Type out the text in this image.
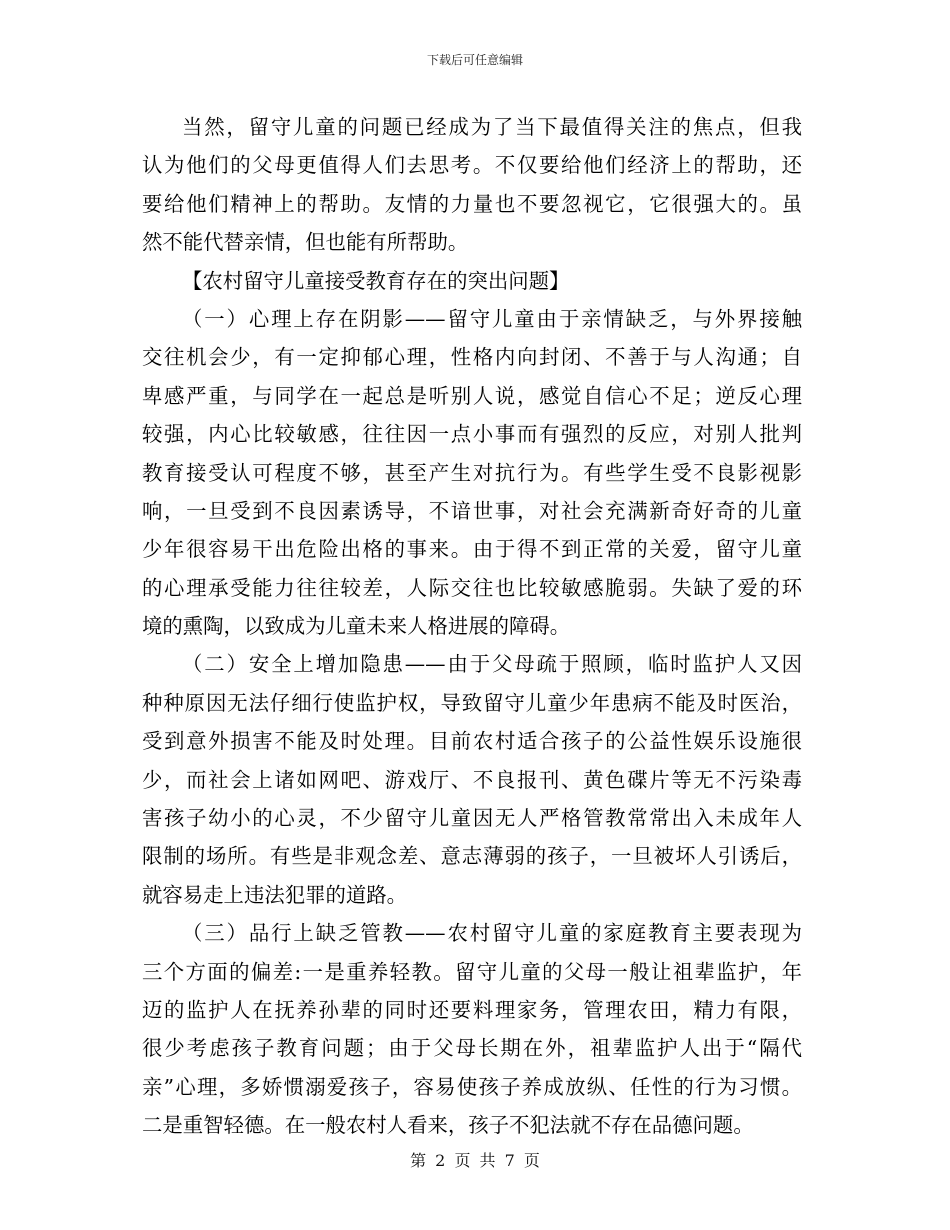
下载后可任意编辑
当然，留守儿童的问题已经成为了当下最值得关注的焦点，但我
认为他们的父母更值得人们去思考。不仅要给他们经济上的帮助，还
要给他们精神上的帮助。友情的力量也不要忽视它，它很强大的。虽
然不能代替亲情，但也能有所帮助。
【农村留守儿童接受教育存在的突出问题】
（一）心理上存在阴影——留守儿童由于亲情缺乏，与外界接触
交往机会少，有一定抑郁心理，性格内向封闭、不善于与人沟通；自
卑感严重，与同学在一起总是听别人说，感觉自信心不足；逆反心理
较强，内心比较敏感，往往因一点小事而有强烈的反应，对别人批判
教育接受认可程度不够，甚至产生对抗行为。有些学生受不良影视影
响，一旦受到不良因素诱导，不谙世事，对社会充满新奇好奇的儿童
少年很容易干出危险出格的事来。由于得不到正常的关爱，留守儿童
的心理承受能力往往较差，人际交往也比较敏感脆弱。失缺了爱的环
境的熏陶，以致成为儿童未来人格进展的障碍。
（二）安全上增加隐患——由于父母疏于照顾，临时监护人又因
种种原因无法仔细行使监护权，导致留守儿童少年患病不能及时医治，
受到意外损害不能及时处理。目前农村适合孩子的公益性娱乐设施很
少，而社会上诸如网吧、游戏厅、不良报刊、黄色碟片等无不污染毒
害孩子幼小的心灵，不少留守儿童因无人严格管教常常出入未成年人
限制的场所。有些是非观念差、意志薄弱的孩子，一旦被坏人引诱后，
就容易走上违法犯罪的道路。
（三）品行上缺乏管教——农村留守儿童的家庭教育主要表现为
三个方面的偏差:一是重养轻教。留守儿童的父母一般让祖辈监护，年
迈的监护人在抚养孙辈的同时还要料理家务，管理农田，精力有限，
很少考虑孩子教育问题；由于父母长期在外，祖辈监护人出于“隔代
亲”心理，多娇惯溺爱孩子，容易使孩子养成放纵、任性的行为习惯。
二是重智轻德。在一般农村人看来，孩子不犯法就不存在品德问题。
第 2 页 共 7 页
